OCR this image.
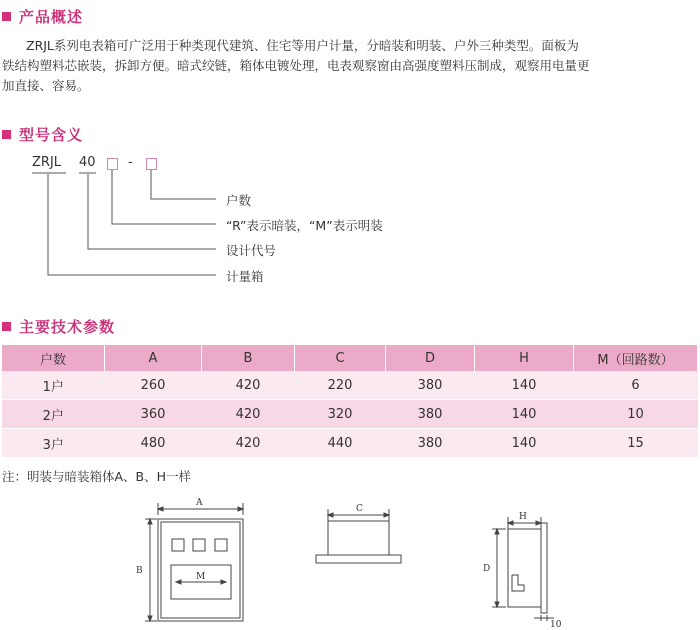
产品概述
ZRJL系列电表箱可广泛用于种类现代建筑、住宅等用户计量，分暗装和明装、户外三种类型。面板为
铁结构塑料芯嵌装，拆卸方便。暗式绞链，箱体电镀处理，电表观察窗由高强度塑料压制成，观察用电量更
加直接、容易。
型号含义
ZRJL 40 -
户数
“R”表示暗装，“M”表示明装
设计代号
计量箱
主要技术参数
户数	A	B	C	D	H	M（回路数）
1户	260	420	220	380	140	6
2户	360	420	320	380	140	10
3户	480	420	440	380	140	15
注：明装与暗装箱体A、B、H一样
A
B
M
C
H
D
10
